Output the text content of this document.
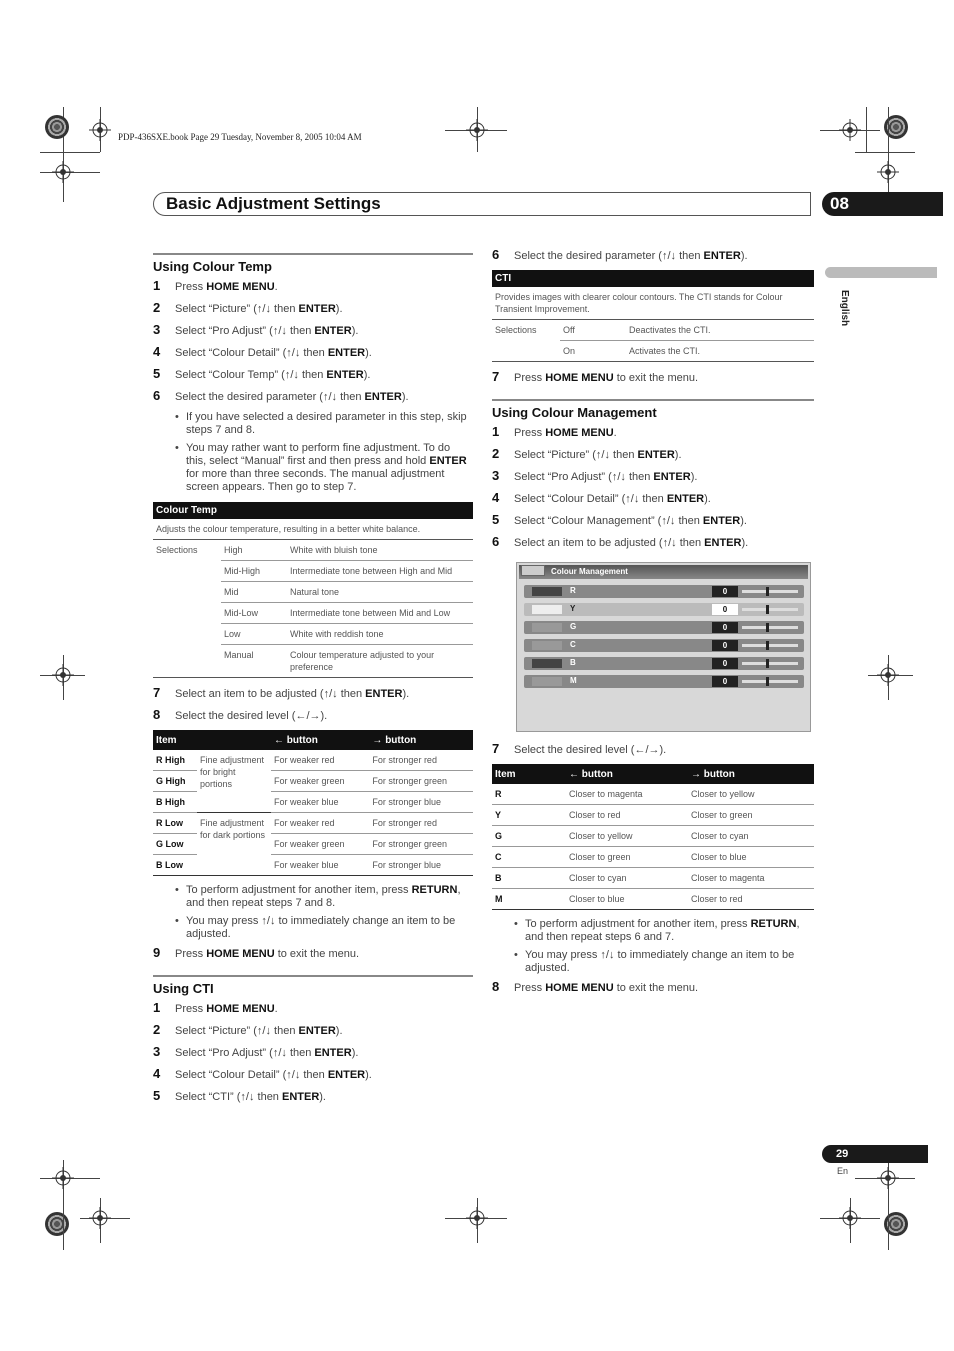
PDP-436SXE.book Page 29 Tuesday, November 8, 2005 10:04 AM
Basic Adjustment Settings	08
English
Using Colour Temp
1	Press HOME MENU.
2	Select “Picture” (↑/↓ then ENTER).
3	Select “Pro Adjust” (↑/↓ then ENTER).
4	Select “Colour Detail” (↑/↓ then ENTER).
5	Select “Colour Temp” (↑/↓ then ENTER).
6	Select the desired parameter (↑/↓ then ENTER).
• If you have selected a desired parameter in this step, skip steps 7 and 8.
• You may rather want to perform fine adjustment. To do this, select “Manual” first and then press and hold ENTER for more than three seconds. The manual adjustment screen appears. Then go to step 7.
Colour Temp
Adjusts the colour temperature, resulting in a better white balance.
Selections	High	White with bluish tone
	Mid-High	Intermediate tone between High and Mid
	Mid	Natural tone
	Mid-Low	Intermediate tone between Mid and Low
	Low	White with reddish tone
	Manual	Colour temperature adjusted to your preference
7	Select an item to be adjusted (↑/↓ then ENTER).
8	Select the desired level (←/→).
Item		← button	→ button
R High	Fine adjustment for bright portions	For weaker red	For stronger red
G High		For weaker green	For stronger green
B High		For weaker blue	For stronger blue
R Low	Fine adjustment for dark portions	For weaker red	For stronger red
G Low		For weaker green	For stronger green
B Low		For weaker blue	For stronger blue
• To perform adjustment for another item, press RETURN, and then repeat steps 7 and 8.
• You may press ↑/↓ to immediately change an item to be adjusted.
9	Press HOME MENU to exit the menu.
Using CTI
1	Press HOME MENU.
2	Select “Picture” (↑/↓ then ENTER).
3	Select “Pro Adjust” (↑/↓ then ENTER).
4	Select “Colour Detail” (↑/↓ then ENTER).
5	Select “CTI” (↑/↓ then ENTER).
6	Select the desired parameter (↑/↓ then ENTER).
CTI
Provides images with clearer colour contours. The CTI stands for Colour Transient Improvement.
Selections	Off	Deactivates the CTI.
	On	Activates the CTI.
7	Press HOME MENU to exit the menu.
Using Colour Management
1	Press HOME MENU.
2	Select “Picture” (↑/↓ then ENTER).
3	Select “Pro Adjust” (↑/↓ then ENTER).
4	Select “Colour Detail” (↑/↓ then ENTER).
5	Select “Colour Management” (↑/↓ then ENTER).
6	Select an item to be adjusted (↑/↓ then ENTER).
Colour Management
R	0
Y	0
G	0
C	0
B	0
M	0
7	Select the desired level (←/→).
Item	← button	→ button
R	Closer to magenta	Closer to yellow
Y	Closer to red	Closer to green
G	Closer to yellow	Closer to cyan
C	Closer to green	Closer to blue
B	Closer to cyan	Closer to magenta
M	Closer to blue	Closer to red
• To perform adjustment for another item, press RETURN, and then repeat steps 6 and 7.
• You may press ↑/↓ to immediately change an item to be adjusted.
8	Press HOME MENU to exit the menu.
29
En
